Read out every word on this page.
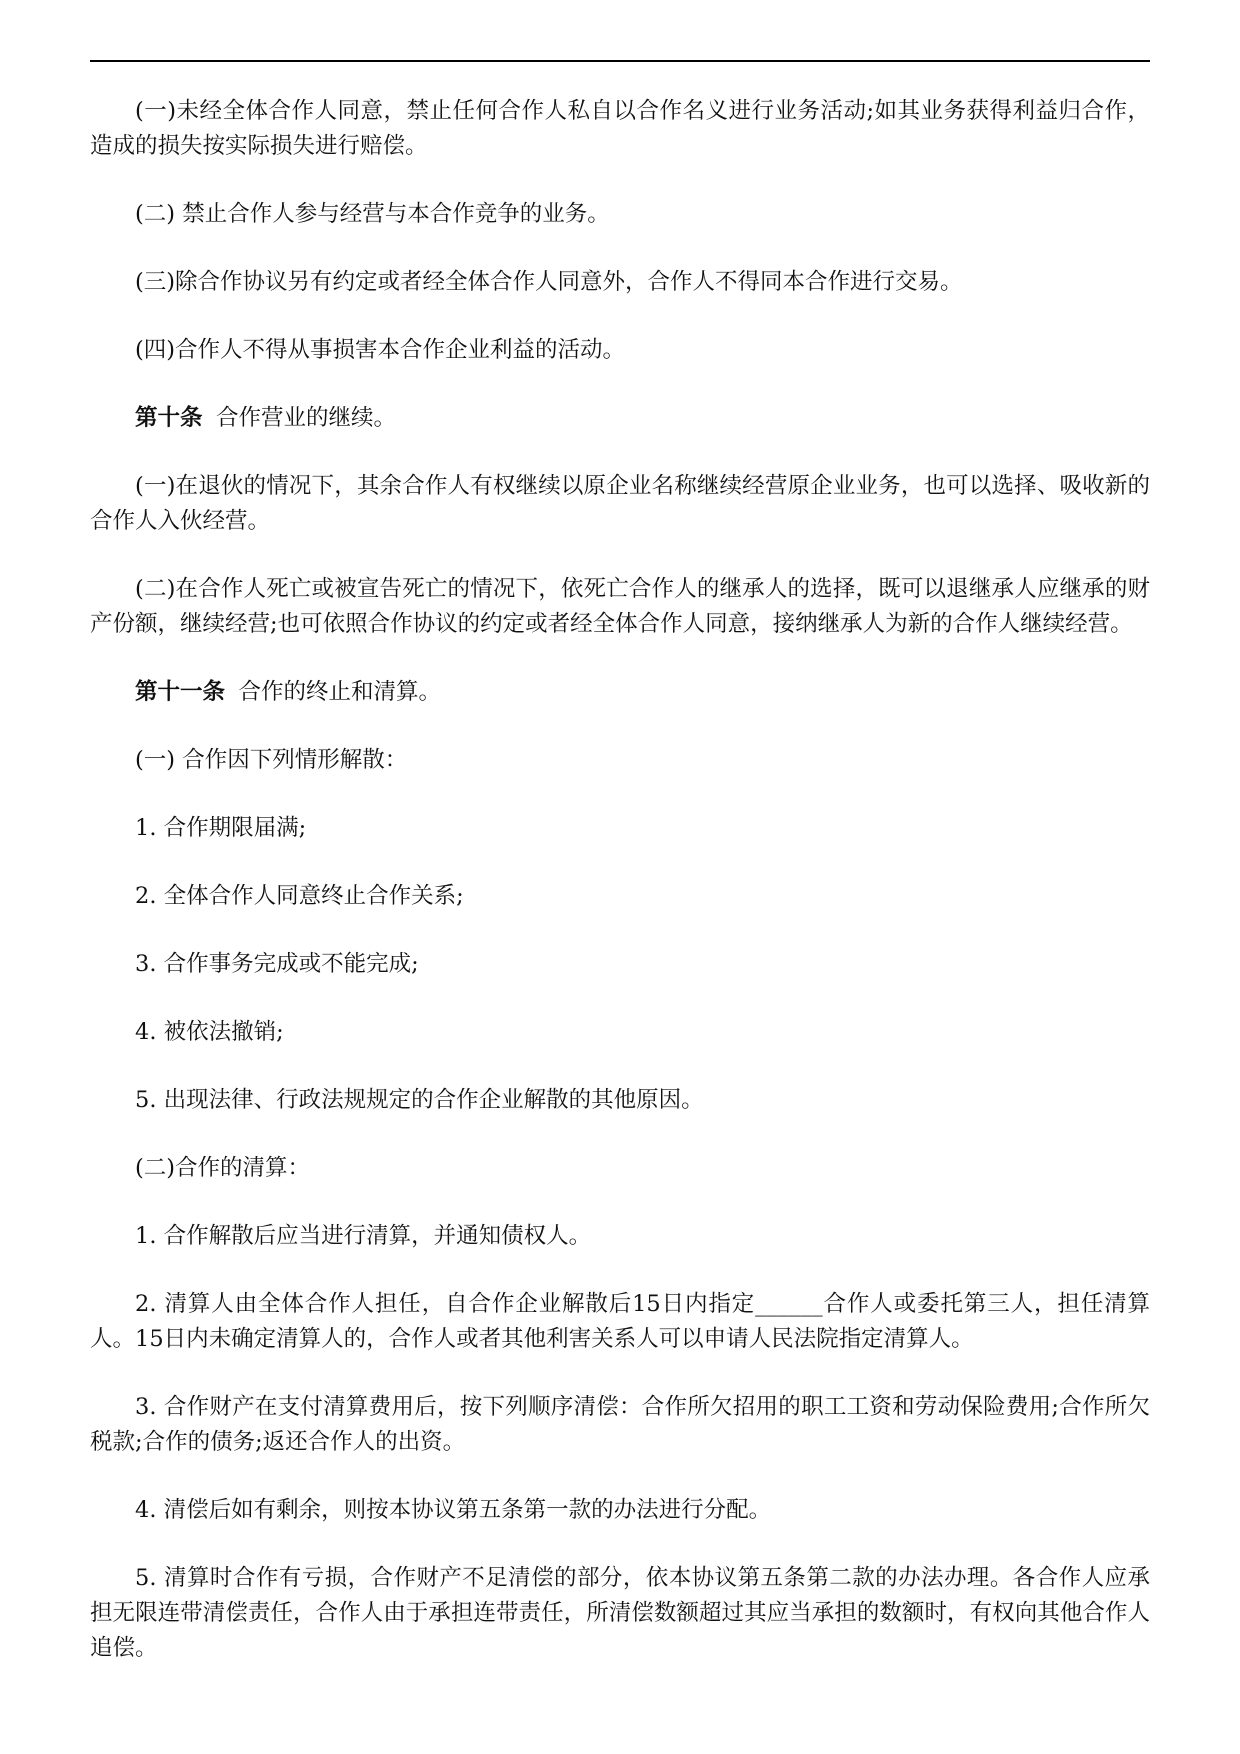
(一)未经全体合作人同意，禁止任何合作人私自以合作名义进行业务活动;如其业务获得利益归合作，造成的损失按实际损失进行赔偿。

(二) 禁止合作人参与经营与本合作竞争的业务。

(三)除合作协议另有约定或者经全体合作人同意外，合作人不得同本合作进行交易。

(四)合作人不得从事损害本合作企业利益的活动。

第十条 合作营业的继续。

(一)在退伙的情况下，其余合作人有权继续以原企业名称继续经营原企业业务，也可以选择、吸收新的合作人入伙经营。

(二)在合作人死亡或被宣告死亡的情况下，依死亡合作人的继承人的选择，既可以退继承人应继承的财产份额，继续经营;也可依照合作协议的约定或者经全体合作人同意，接纳继承人为新的合作人继续经营。

第十一条 合作的终止和清算。

(一) 合作因下列情形解散：

1. 合作期限届满;

2. 全体合作人同意终止合作关系;

3. 合作事务完成或不能完成;

4. 被依法撤销;

5. 出现法律、行政法规规定的合作企业解散的其他原因。

(二)合作的清算：

1. 合作解散后应当进行清算，并通知债权人。

2. 清算人由全体合作人担任，自合作企业解散后15日内指定______合作人或委托第三人，担任清算人。15日内未确定清算人的，合作人或者其他利害关系人可以申请人民法院指定清算人。

3. 合作财产在支付清算费用后，按下列顺序清偿：合作所欠招用的职工工资和劳动保险费用;合作所欠税款;合作的债务;返还合作人的出资。

4. 清偿后如有剩余，则按本协议第五条第一款的办法进行分配。

5. 清算时合作有亏损，合作财产不足清偿的部分，依本协议第五条第二款的办法办理。各合作人应承担无限连带清偿责任，合作人由于承担连带责任，所清偿数额超过其应当承担的数额时，有权向其他合作人追偿。
